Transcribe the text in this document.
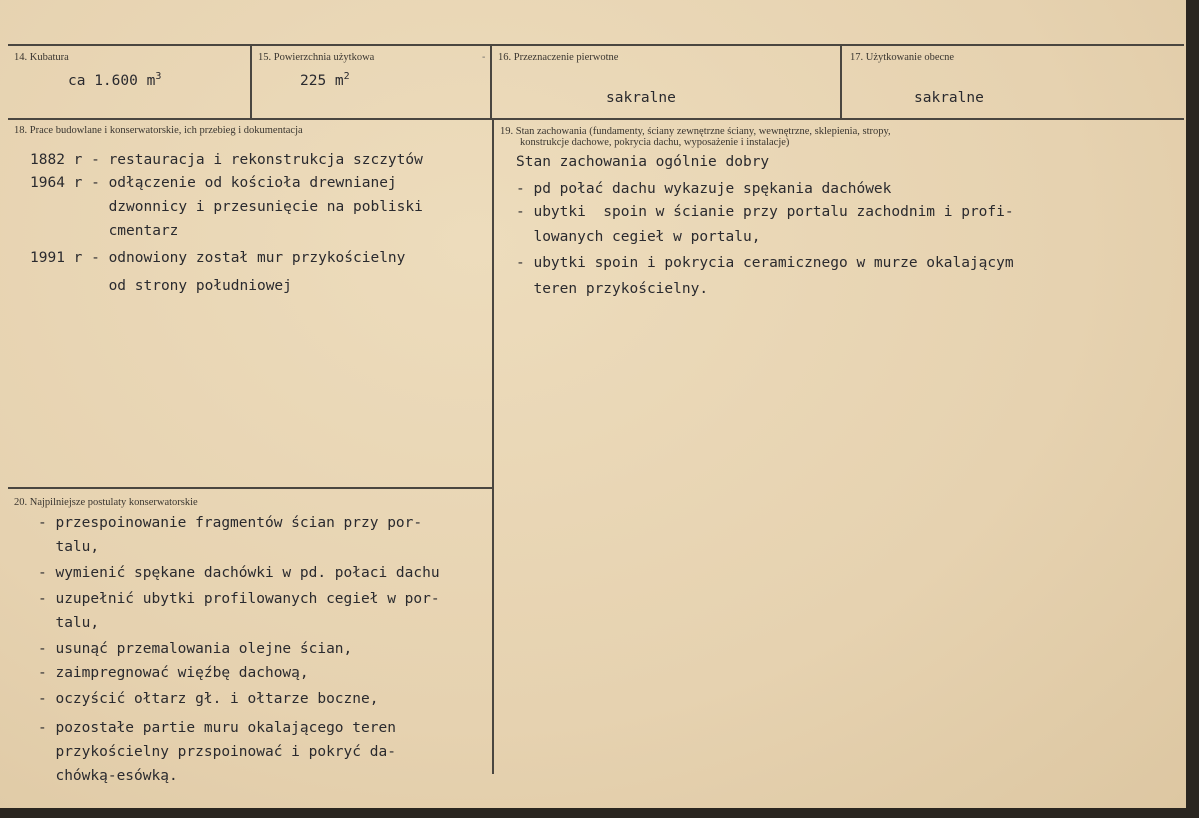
-
14. Kubatura
ca 1.600 $m^3$
15. Powierzchnia użytkowa
225 $m^2$
16. Przeznaczenie pierwotne
sakralne
17. Użytkowanie obecne
sakralne
18. Prace budowlane i konserwatorskie, ich przebieg i dokumentacja
1882 r - restauracja i rekonstrukcja szczytów
1964 r - odłączenie od kościoła drewnianej
dzwonnicy i przesunięcie na pobliski
cmentarz
1991 r - odnowiony został mur przykościelny
od strony południowej
19. Stan zachowania (fundamenty, ściany zewnętrzne ściany, wewnętrzne, sklepienia, stropy,
konstrukcje dachowe, pokrycia dachu, wyposażenie i instalacje)
Stan zachowania ogólnie dobry
- pd połać dachu wykazuje spękania dachówek
- ubytki  spoin w ścianie przy portalu zachodnim i profi-
lowanych cegieł w portalu,
- ubytki spoin i pokrycia ceramicznego w murze okalającym
teren przykościelny.
20. Najpilniejsze postulaty konserwatorskie
- przespoinowanie fragmentów ścian przy por-
talu,
- wymienić spękane dachówki w pd. połaci dachu
- uzupełnić ubytki profilowanych cegieł w por-
talu,
- usunąć przemalowania olejne ścian,
- zaimpregnować więźbę dachową,
- oczyścić ołtarz gł. i ołtarze boczne,
- pozostałe partie muru okalającego teren
przykościelny przspoinować i pokryć da-
chówką-esówką.
